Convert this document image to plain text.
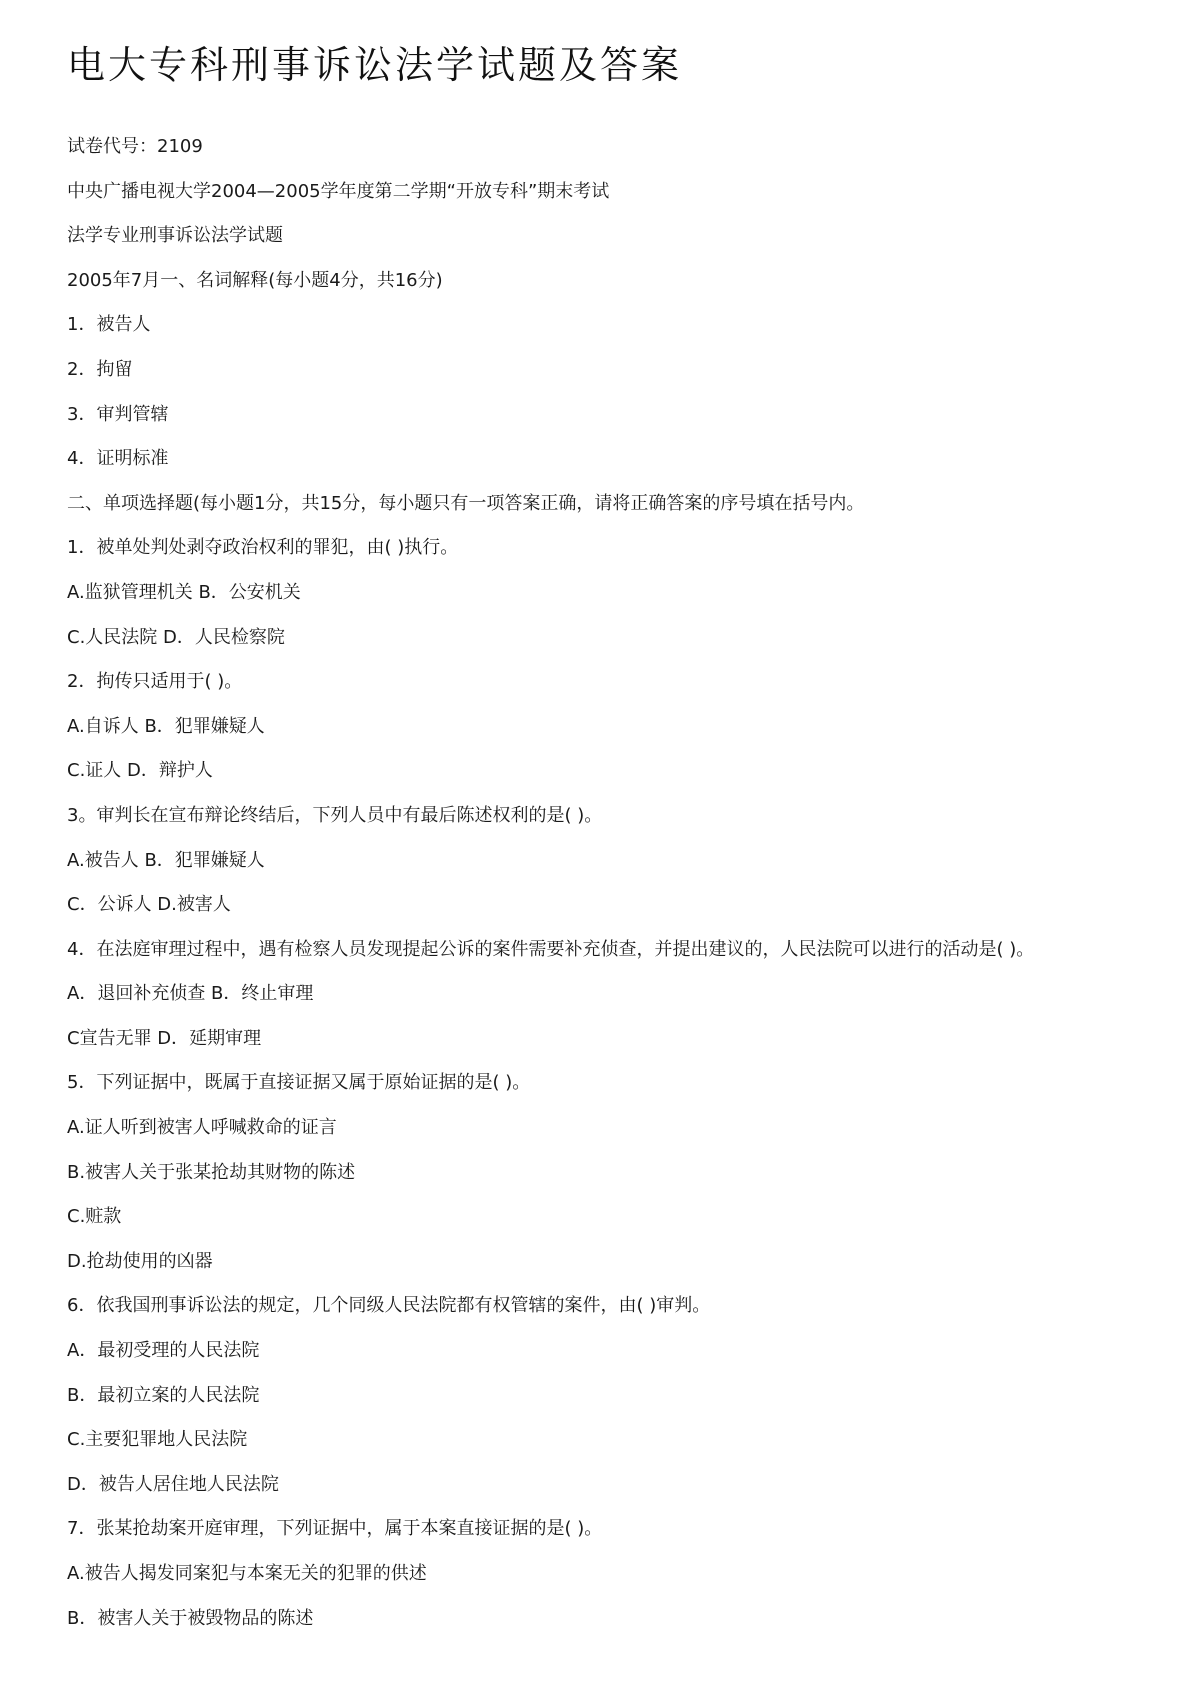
电大专科刑事诉讼法学试题及答案
试卷代号：2109
中央广播电视大学2004—2005学年度第二学期“开放专科”期末考试
法学专业刑事诉讼法学试题
2005年7月一、名词解释(每小题4分，共16分)
1．被告人
2．拘留
3．审判管辖
4．证明标准
二、单项选择题(每小题1分，共15分，每小题只有一项答案正确，请将正确答案的序号填在括号内。
1．被单处判处剥夺政治权利的罪犯，由( )执行。
A.监狱管理机关 B．公安机关
C.人民法院 D．人民检察院
2．拘传只适用于( )。
A.自诉人 B．犯罪嫌疑人
C.证人 D．辩护人
3。审判长在宣布辩论终结后，下列人员中有最后陈述权利的是( )。
A.被告人 B．犯罪嫌疑人
C．公诉人 D.被害人
4．在法庭审理过程中，遇有检察人员发现提起公诉的案件需要补充侦查，并提出建议的，人民法院可以进行的活动是( )。
A．退回补充侦查 B．终止审理
C宣告无罪 D．延期审理
5．下列证据中，既属于直接证据又属于原始证据的是( )。
A.证人听到被害人呼喊救命的证言
B.被害人关于张某抢劫其财物的陈述
C.赃款
D.抢劫使用的凶器
6．依我国刑事诉讼法的规定，几个同级人民法院都有权管辖的案件，由( )审判。
A．最初受理的人民法院
B．最初立案的人民法院
C.主要犯罪地人民法院
D．被告人居住地人民法院
7．张某抢劫案开庭审理，下列证据中，属于本案直接证据的是( )。
A.被告人揭发同案犯与本案无关的犯罪的供述
B．被害人关于被毁物品的陈述
